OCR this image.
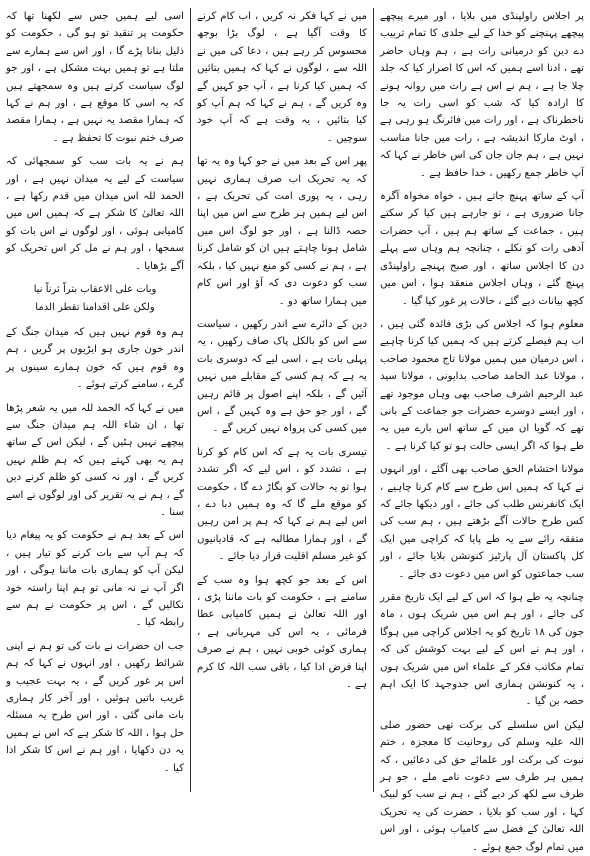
پر اجلاس راولپنڈی میں بلایا ، اور میرے پیچھے پیچھے پہنچنے کو خدا کے لیے جلدی کا تمام تربیب دے دین کو درمیانی رات ہے ، ہم وہاں حاضر تھے ، ادنا اسے ہمیں کہ اس کا اصرار کیا کہ جلد چلا جا ہے ، ہم نے اس ہے رات میں روانہ ہونے کا ارادہ کیا کہ شب کو اسی رات یہ جا ناخطرناک ہے ، اور رات میں فائرنگ ہو رہی ہے ، اوٹ مارکا اندیشہ ہے ، رات میں جانا مناسب نہیں ہے ، ہم جان جان کی اس خاطر نے کہا کہ آپ خاطر جمع رکھیں ، خدا حافظ ہے ۔

آپ کے ساتھ پہنچ جاتے ہیں ، خواہ مخواہ آگرہ جانا ضروری ہے ، تو جارہے ہیں کیا کر سکتے ہیں ، جماعت کے ساتھ ہم ہیں ، آپ حضرات آدھی رات کو نکلے ، چنانچہ ہم وہاں سے پہلے دن کا اجلاس ساتھ ، اور صبح پہنچے راولپنڈی پہنچ گئے ، وہاں اجلاس منعقد ہوا ، اس میں کچھ بیانات دیے گئے ، حالات پر غور کیا گیا ۔

معلوم ہوا کہ اجلاس کی بڑی فائدہ گئی ہیں ، اب ہم فیصلے کرتے ہیں کہ ہمیں کیا کرنا چاہیے ، اس درمیان میں ہمیں مولانا تاج محمود صاحب ، مولانا عبد الحامد صاحب بدایونی ، مولانا سید عبد الرحیم اشرف صاحب بھی وہاں موجود تھے ، اور ایسے دوسرے حضرات جو جماعت کے بانی تھے کہ گویا ان میں کے ساتھ اس بارے میں یہ طے ہوا کہ اگر ایسی حالت ہو تو کیا کرنا ہے ۔

مولانا احتشام الحق صاحب بھی آگئے ، اور انہوں نے کہا کہ ہمیں اس طرح سے کام کرنا چاہیے ، ایک کانفرنس طلب کی جائے ، اور دیکھا جائے کہ کس طرح حالات آگے بڑھتے ہیں ، ہم سب کی متفقہ رائے سے یہ طے پایا کہ کراچی میں ایک کل پاکستان آل پارٹیز کنونشن بلایا جائے ، اور سب جماعتوں کو اس میں دعوت دی جائے ۔

چنانچہ یہ طے ہوا کہ اس کے لیے ایک تاریخ مقرر کی جائے ، اور ہم اس میں شریک ہوں ، ماہ جون کی ۱۸ تاریخ کو یہ اجلاس کراچی میں ہوگا ، اور ہم نے اس کے لیے بہت کوشش کی کہ تمام مکاتب فکر کے علماء اس میں شریک ہوں ، یہ کنونشن ہماری اس جدوجہد کا ایک اہم حصہ بن گیا ۔

لیکن اس سلسلے کی برکت تھی حضور صلی اللہ علیہ وسلم کی روحانیت کا معجزہ ، ختم نبوت کی برکت اور علمائے حق کی دعائیں ، کہ ہمیں ہر طرف سے دعوت نامے ملے ، جو ہر طرف سے لکھ کر دیے گئے ، ہم نے سب کو لبیک کہا ، اور سب کو بلایا ، حضرت کی یہ تحریک اللہ تعالیٰ کے فضل سے کامیاب ہوئی ، اور اس میں تمام لوگ جمع ہوئے ۔

میں نے کہا فکر نہ کریں ، اب کام کرنے کا وقت آگیا ہے ، لوگ بڑا بوجھ محسوس کر رہے ہیں ، دعا کی میں نے اللہ سے ، لوگوں نے کہا کہ ہمیں بتائیں کہ ہمیں کیا کرنا ہے ، آپ جو کہیں گے وہ کریں گے ، ہم نے کہا کہ ہم آپ کو کیا بتائیں ، یہ وقت ہے کہ آپ خود سوچیں ۔

پھر اس کے بعد میں نے جو کہا وہ یہ تھا کہ یہ تحریک اب صرف ہماری نہیں رہی ، یہ پوری امت کی تحریک ہے ، اس لیے ہمیں ہر طرح سے اس میں اپنا حصہ ڈالنا ہے ، اور جو لوگ اس میں شامل ہونا چاہتے ہیں ان کو شامل کرنا ہے ، ہم نے کسی کو منع نہیں کیا ، بلکہ سب کو دعوت دی کہ آؤ اور اس کام میں ہمارا ساتھ دو ۔

دین کے دائرے سے اندر رکھیں ، سیاست سے اس کو بالکل پاک صاف رکھیں ، یہ پہلی بات ہے ، اسی لیے کہ دوسری بات یہ ہے کہ ہم کسی کے مقابلے میں نہیں آئیں گے ، بلکہ اپنے اصول پر قائم رہیں گے ، اور جو حق ہے وہ کہیں گے ، اس میں کسی کی پرواہ نہیں کریں گے ۔

تیسری بات یہ ہے کہ اس کام کو کرنا ہے ، تشدد کو ، اس لیے کہ اگر تشدد ہوا تو یہ حالات کو بگاڑ دے گا ، حکومت کو موقع ملے گا کہ وہ ہمیں دبا دے ، اس لیے ہم نے کہا کہ ہم پر امن رہیں گے ، اور ہمارا مطالبہ ہے کہ قادیانیوں کو غیر مسلم اقلیت قرار دیا جائے ۔

اس کے بعد جو کچھ ہوا وہ سب کے سامنے ہے ، حکومت کو بات ماننا پڑی ، اور اللہ تعالیٰ نے ہمیں کامیابی عطا فرمائی ، یہ اس کی مہربانی ہے ، ہماری کوئی خوبی نہیں ، ہم نے صرف اپنا فرض ادا کیا ، باقی سب اللہ کا کرم ہے ۔

اسی لیے ہمیں جس سے لکھنا تھا کہ حکومت پر تنقید تو ہو گی ، حکومت کو ذلیل بنانا پڑے گا ، اور اس سے ہمارے سے ملتا ہے تو ہمیں بہت مشکل ہے ، اور جو لوگ سیاست کرتے ہیں وہ سمجھتے ہیں کہ یہ اسی کا موقع ہے ، اور ہم نے کہا کہ ہمارا مقصد یہ نہیں ہے ، ہمارا مقصد صرف ختم نبوت کا تحفظ ہے ۔

ہم نے یہ بات سب کو سمجھائی کہ سیاست کے لیے یہ میدان نہیں ہے ، اور الحمد للہ اس میدان میں قدم رکھا ہے ، اللہ تعالیٰ کا شکر ہے کہ ہمیں اس میں کامیابی ہوئی ، اور لوگوں نے اس بات کو سمجھا ، اور ہم نے مل کر اس تحریک کو آگے بڑھایا ۔

وبات علی الاعقاب بتراً ثرناً نیا

ولکن علی اقدامنا تقطر الدما

ہم وہ قوم نہیں ہیں کہ میدان جنگ کے اندر خون جاری ہو ایڑیوں پر گریں ، ہم وہ قوم ہیں کہ خون ہمارے سینوں پر گرے ، سامنے کرتے ہوئے ۔

میں نے کہا کہ الحمد للہ میں یہ شعر پڑھا تھا ، ان شاء اللہ ہم میدان جنگ سے پیچھے نہیں ہٹیں گے ، لیکن اس کے ساتھ ہم یہ بھی کہتے ہیں کہ ہم ظلم نہیں کریں گے ، اور نہ کسی کو ظلم کرنے دیں گے ، ہم نے یہ تقریر کی اور لوگوں نے اسے سنا ۔

اس کے بعد ہم نے حکومت کو یہ پیغام دیا کہ ہم آپ سے بات کرنے کو تیار ہیں ، لیکن آپ کو ہماری بات ماننا ہوگی ، اور اگر آپ نے نہ مانی تو ہم اپنا راستہ خود نکالیں گے ، اس پر حکومت نے ہم سے رابطہ کیا ۔

جب ان حضرات نے بات کی تو ہم نے اپنی شرائط رکھیں ، اور انہوں نے کہا کہ ہم اس پر غور کریں گے ، یہ بہت عجیب و غریب باتیں ہوئیں ، اور آخر کار ہماری بات مانی گئی ، اور اس طرح یہ مسئلہ حل ہوا ، اللہ کا شکر ہے کہ اس نے ہمیں یہ دن دکھایا ، اور ہم نے اس کا شکر ادا کیا ۔
